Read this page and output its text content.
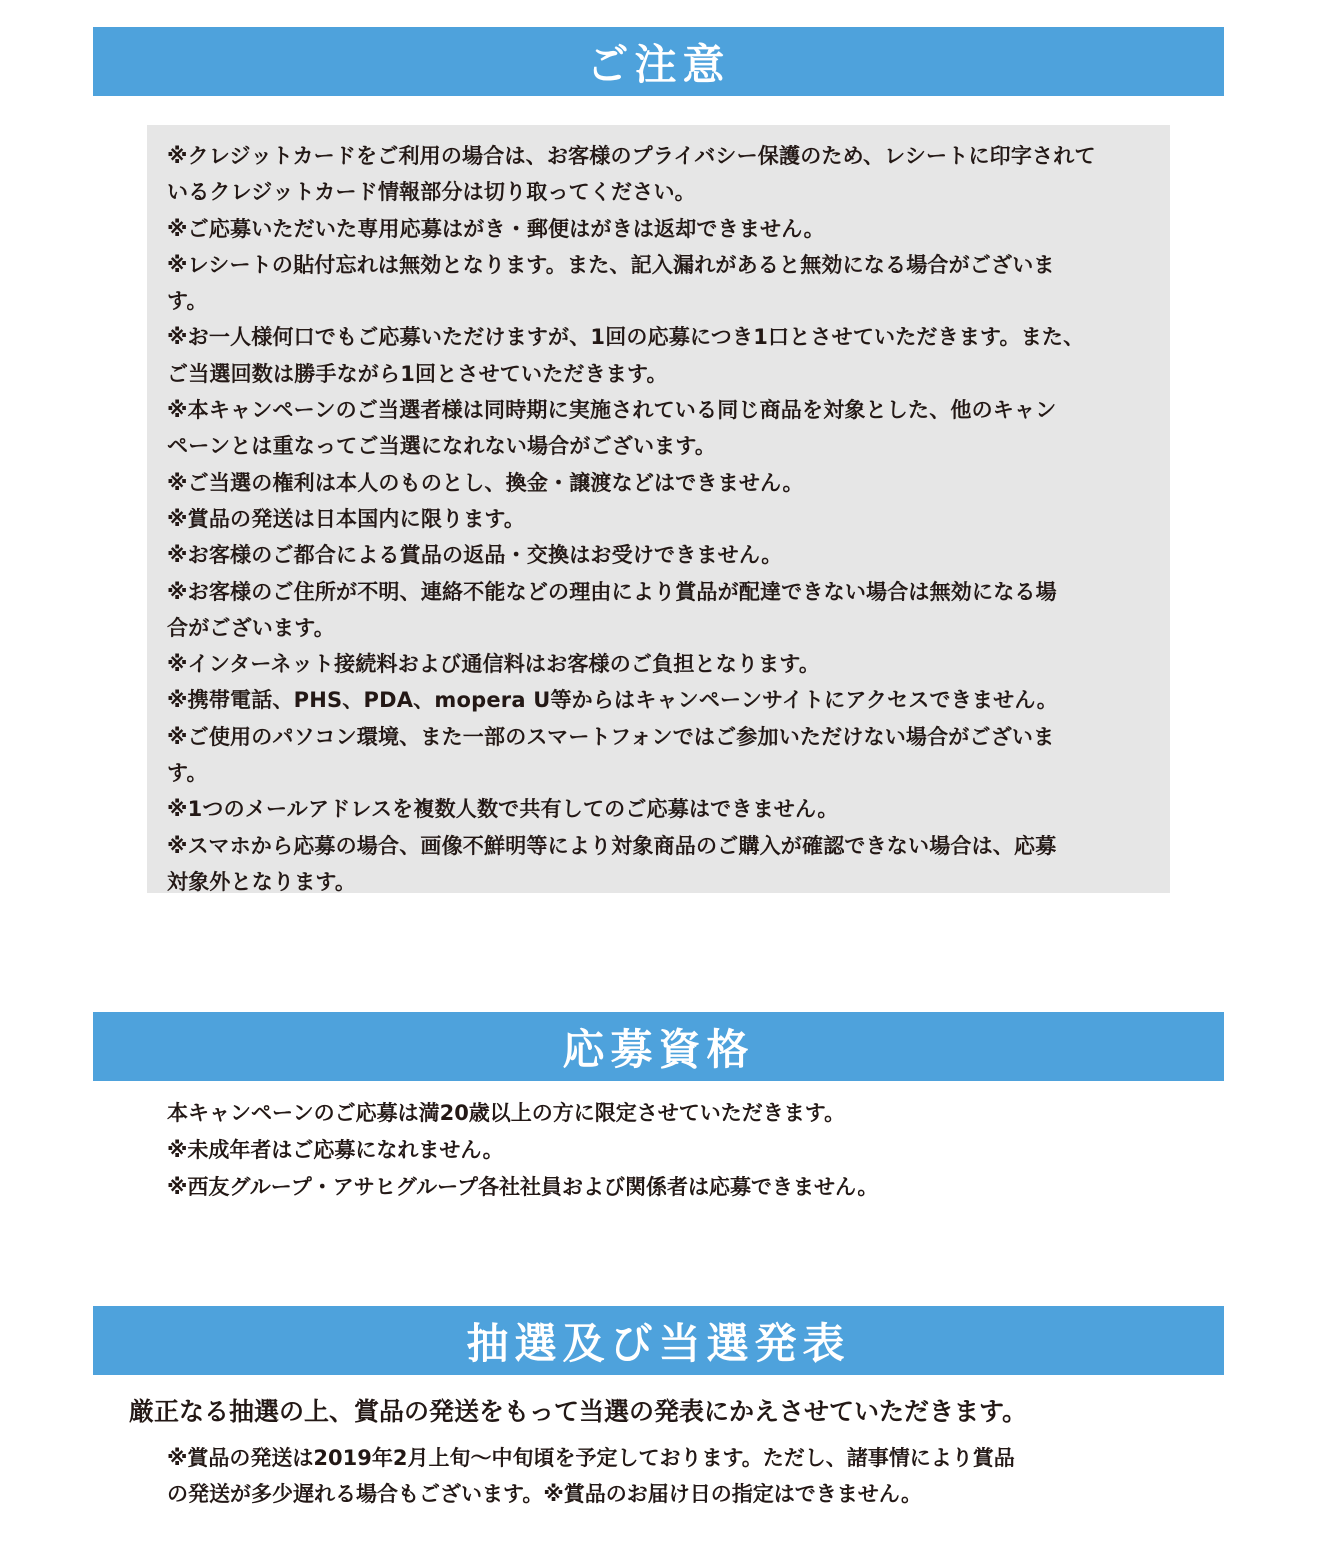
ご注意
※クレジットカードをご利用の場合は、お客様のプライバシー保護のため、レシートに印字されて
いるクレジットカード情報部分は切り取ってください。
※ご応募いただいた専用応募はがき・郵便はがきは返却できません。
※レシートの貼付忘れは無効となります。また、記入漏れがあると無効になる場合がございま
す。
※お一人様何口でもご応募いただけますが、1回の応募につき1口とさせていただきます。また、
ご当選回数は勝手ながら1回とさせていただきます。
※本キャンペーンのご当選者様は同時期に実施されている同じ商品を対象とした、他のキャン
ペーンとは重なってご当選になれない場合がございます。
※ご当選の権利は本人のものとし、換金・譲渡などはできません。
※賞品の発送は日本国内に限ります。
※お客様のご都合による賞品の返品・交換はお受けできません。
※お客様のご住所が不明、連絡不能などの理由により賞品が配達できない場合は無効になる場
合がございます。
※インターネット接続料および通信料はお客様のご負担となります。
※携帯電話、PHS、PDA、mopera U等からはキャンペーンサイトにアクセスできません。
※ご使用のパソコン環境、また一部のスマートフォンではご参加いただけない場合がございま
す。
※1つのメールアドレスを複数人数で共有してのご応募はできません。
※スマホから応募の場合、画像不鮮明等により対象商品のご購入が確認できない場合は、応募
対象外となります。
応募資格
本キャンペーンのご応募は満20歳以上の方に限定させていただきます。
※未成年者はご応募になれません。
※西友グループ・アサヒグループ各社社員および関係者は応募できません。
抽選及び当選発表
厳正なる抽選の上、賞品の発送をもって当選の発表にかえさせていただきます。
※賞品の発送は2019年2月上旬〜中旬頃を予定しております。ただし、諸事情により賞品
の発送が多少遅れる場合もございます。※賞品のお届け日の指定はできません。
